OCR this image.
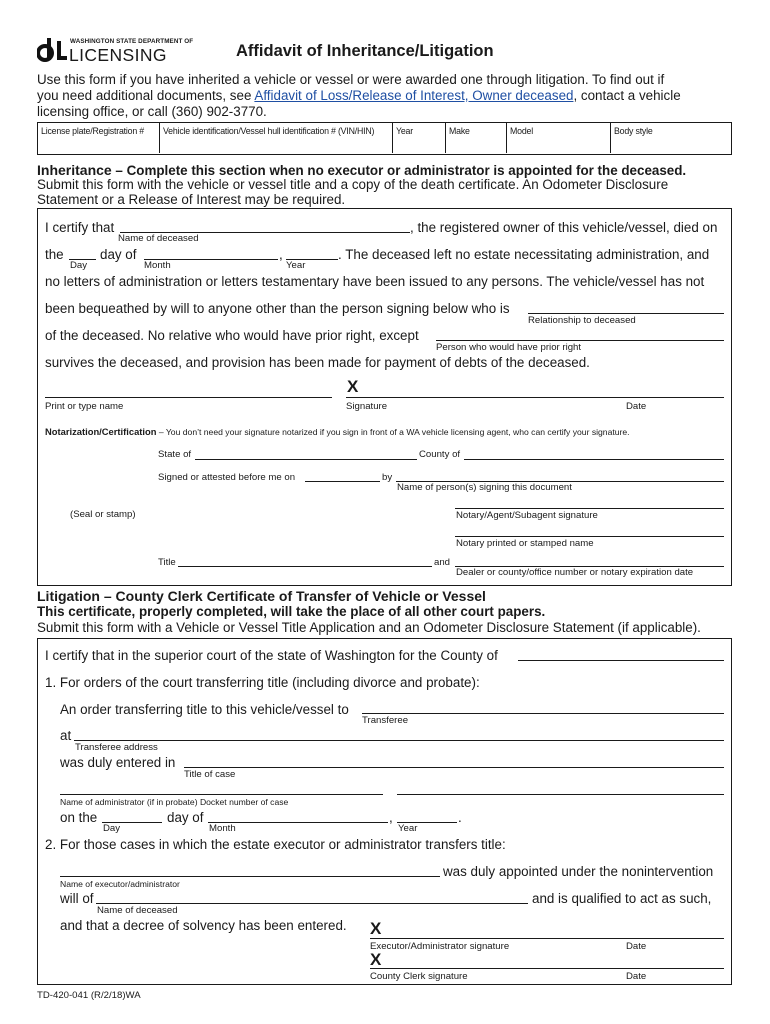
WASHINGTON STATE DEPARTMENT OF
LICENSING	Affidavit of Inheritance/Litigation
Use this form if you have inherited a vehicle or vessel or were awarded one through litigation. To find out if
you need additional documents, see Affidavit of Loss/Release of Interest, Owner deceased, contact a vehicle
licensing office, or call (360) 902-3770.
License plate/Registration #	Vehicle identification/Vessel hull identification # (VIN/HIN)	Year	Make	Model	Body style
Inheritance – Complete this section when no executor or administrator is appointed for the deceased.
Submit this form with the vehicle or vessel title and a copy of the death certificate. An Odometer Disclosure
Statement or a Release of Interest may be required.
I certify that	, the registered owner of this vehicle/vessel, died on
Name of deceased
the	day of	,	. The deceased left no estate necessitating administration, and
Day	Month	Year
no letters of administration or letters testamentary have been issued to any persons. The vehicle/vessel has not
been bequeathed by will to anyone other than the person signing below who is
Relationship to deceased
of the deceased. No relative who would have prior right, except
Person who would have prior right
survives the deceased, and provision has been made for payment of debts of the deceased.
X
Print or type name	Signature	Date
Notarization/Certification – You don’t need your signature notarized if you sign in front of a WA vehicle licensing agent, who can certify your signature.
State of	County of
Signed or attested before me on	by
Name of person(s) signing this document
(Seal or stamp)	Notary/Agent/Subagent signature
Notary printed or stamped name
Title	and
Dealer or county/office number or notary expiration date
Litigation – County Clerk Certificate of Transfer of Vehicle or Vessel
This certificate, properly completed, will take the place of all other court papers.
Submit this form with a Vehicle or Vessel Title Application and an Odometer Disclosure Statement (if applicable).
I certify that in the superior court of the state of Washington for the County of
1. For orders of the court transferring title (including divorce and probate):
An order transferring title to this vehicle/vessel to
Transferee
at
Transferee address
was duly entered in
Title of case
Name of administrator (if in probate) Docket number of case
on the	day of	,	.
Day	Month	Year
2. For those cases in which the estate executor or administrator transfers title:
was duly appointed under the nonintervention
Name of executor/administrator
will of	and is qualified to act as such,
Name of deceased
and that a decree of solvency has been entered. X
Executor/Administrator signature	Date
X
County Clerk signature	Date
TD-420-041 (R/2/18)WA
